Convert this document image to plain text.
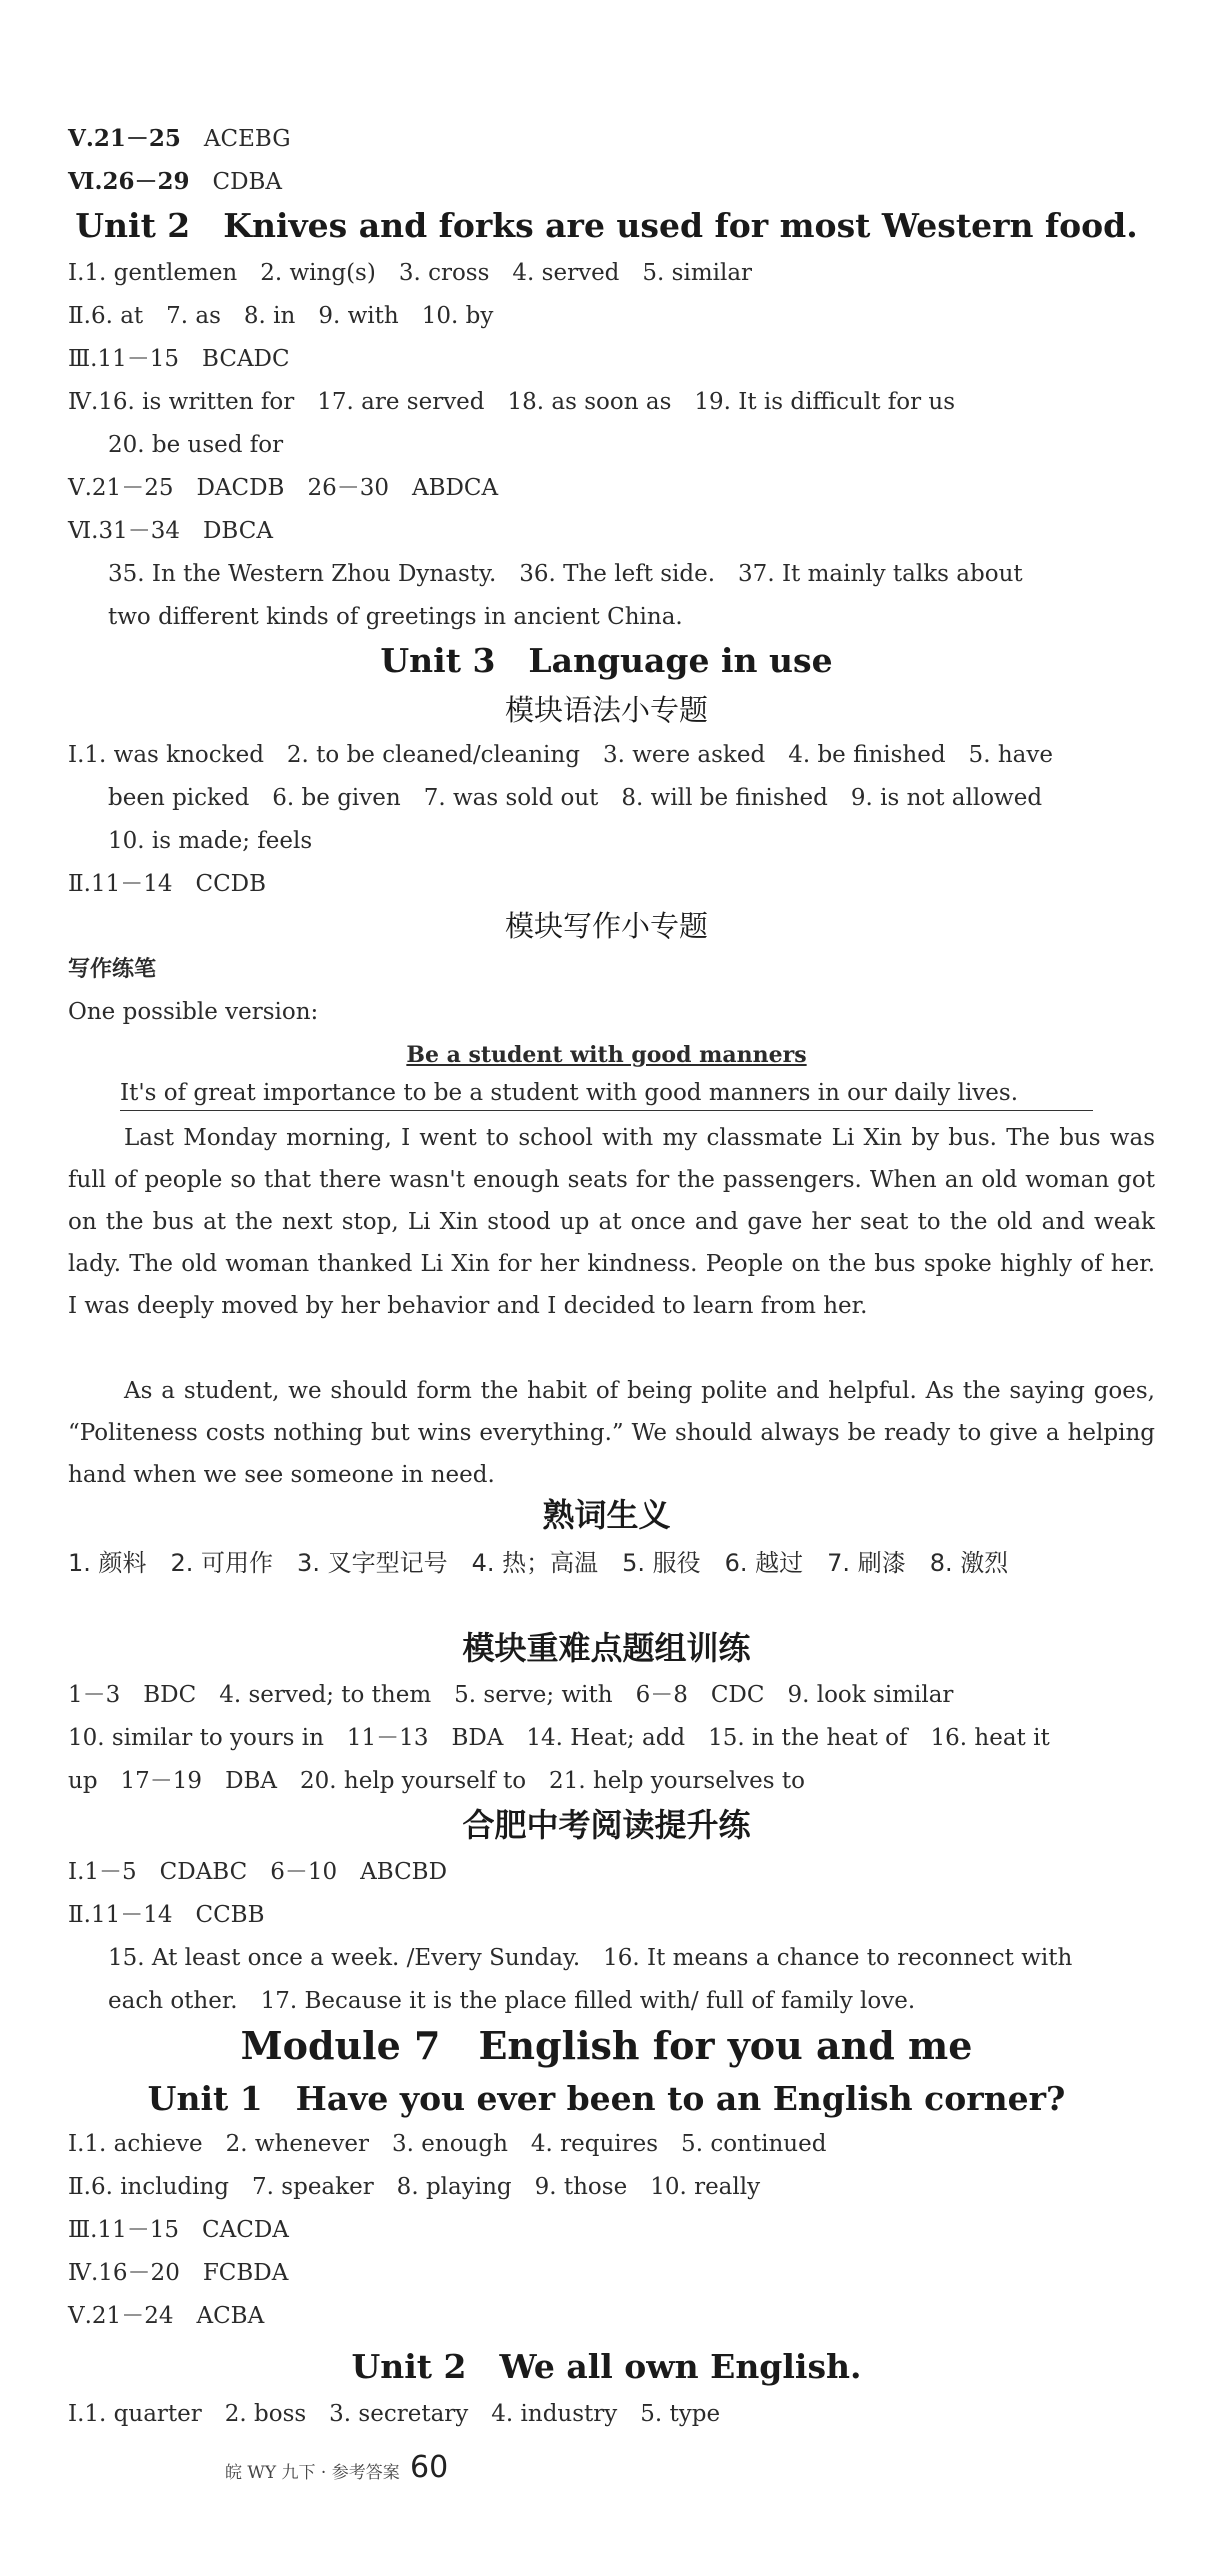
Ⅴ.21－25　 ACEBG
Ⅵ.26－29　 CDBA
Unit 2　Knives and forks are used for most Western food.
Ⅰ.1. gentlemen　2. wing(s)　3. cross　4. served　5. similar
Ⅱ.6. at　7. as　8. in　9. with　10. by
Ⅲ.11－15　BCADC
Ⅳ.16. is written for　17. are served　18. as soon as　19. It is difficult for us
20. be used for
Ⅴ.21－25　DACDB　26－30　ABDCA
Ⅵ.31－34　DBCA
35. In the Western Zhou Dynasty.　36. The left side.　37. It mainly talks about
two different kinds of greetings in ancient China.
Unit 3　Language in use
模块语法小专题
Ⅰ.1. was knocked　2. to be cleaned/cleaning　3. were asked　4. be finished　5. have
been picked　6. be given　7. was sold out　8. will be finished　9. is not allowed
10. is made; feels
Ⅱ.11－14　CCDB
模块写作小专题
写作练笔
One possible version:
Be a student with good manners
It's of great importance to be a student with good manners in our daily lives.
Last Monday morning, I went to school with my classmate Li Xin by bus. The bus was full of people so that there wasn't enough seats for the passengers. When an old woman got on the bus at the next stop, Li Xin stood up at once and gave her seat to the old and weak lady. The old woman thanked Li Xin for her kindness. People on the bus spoke highly of her. I was deeply moved by her behavior and I decided to learn from her.
As a student, we should form the habit of being polite and helpful. As the saying goes, “Politeness costs nothing but wins everything.” We should always be ready to give a helping hand when we see someone in need.
熟词生义
1. 颜料　2. 可用作　3. 叉字型记号　4. 热；高温　5. 服役　6. 越过　7. 刷漆　8. 激烈
模块重难点题组训练
1－3　BDC　4. served; to them　5. serve; with　6－8　CDC　9. look similar
10. similar to yours in　11－13　BDA　14. Heat; add　15. in the heat of　16. heat it
up　17－19　DBA　20. help yourself to　21. help yourselves to
合肥中考阅读提升练
Ⅰ.1－5　CDABC　6－10　ABCBD
Ⅱ.11－14　CCBB
15. At least once a week. /Every Sunday.　16. It means a chance to reconnect with
each other.　17. Because it is the place filled with/ full of family love.
Module 7　English for you and me
Unit 1　Have you ever been to an English corner?
Ⅰ.1. achieve　2. whenever　3. enough　4. requires　5. continued
Ⅱ.6. including　7. speaker　8. playing　9. those　10. really
Ⅲ.11－15　CACDA
Ⅳ.16－20　FCBDA
Ⅴ.21－24　ACBA
Unit 2　We all own English.
Ⅰ.1. quarter　2. boss　3. secretary　4. industry　5. type
皖 WY 九下 · 参考答案 60
